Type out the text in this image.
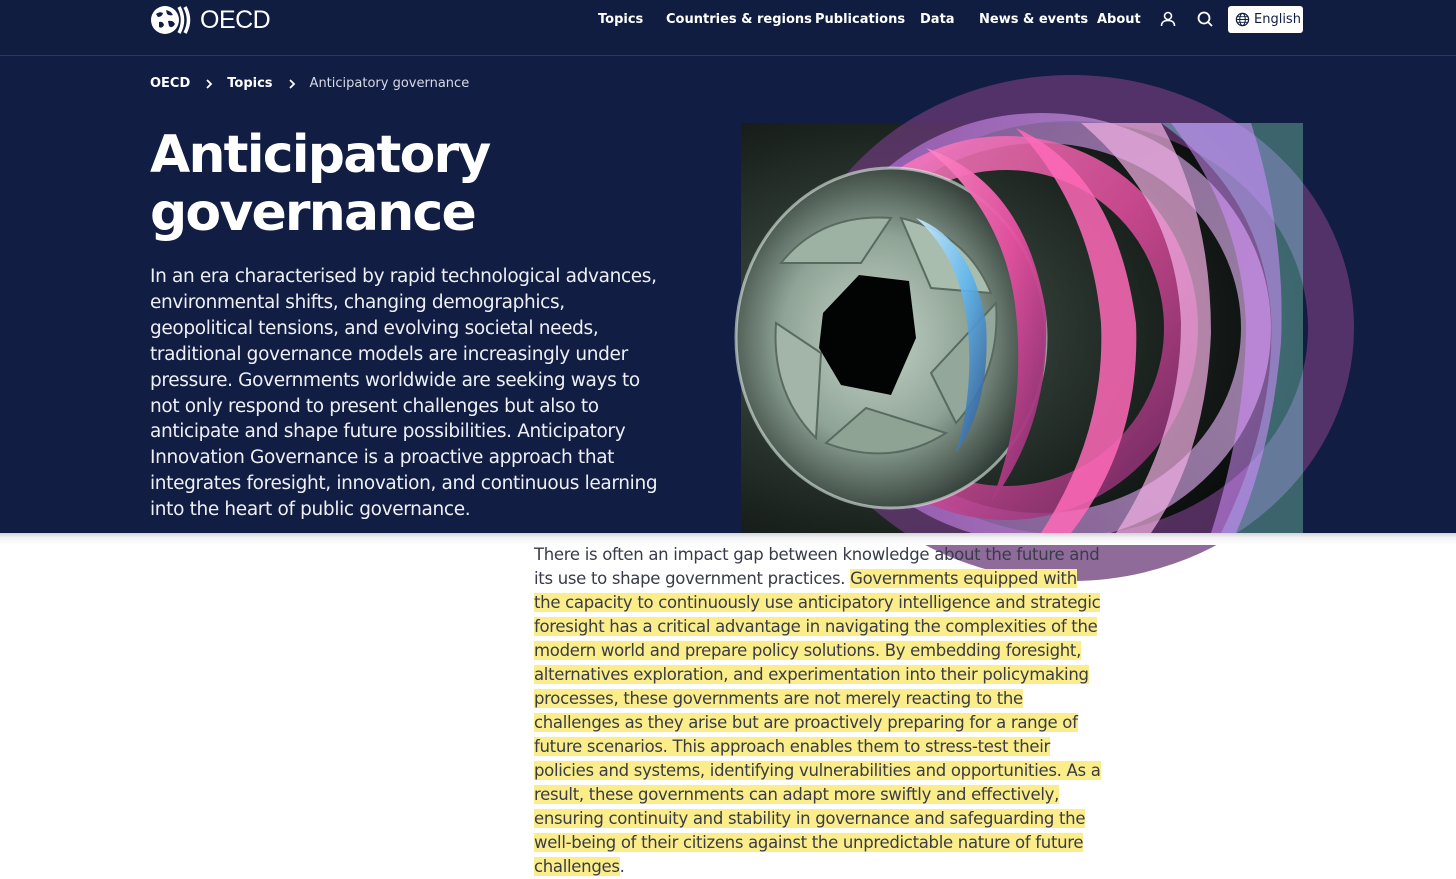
OECD	Topics Countries & regions Publications Data News & events About	English
OECD	Topics	Anticipatory governance
Anticipatory
governance

In an era characterised by rapid technological advances, environmental shifts, changing demographics, geopolitical tensions, and evolving societal needs, traditional governance models are increasingly under pressure. Governments worldwide are seeking ways to not only respond to present challenges but also to anticipate and shape future possibilities. Anticipatory Innovation Governance is a proactive approach that integrates foresight, innovation, and continuous learning into the heart of public governance.

There is often an impact gap between knowledge about the future and its use to shape government practices. Governments equipped with the capacity to continuously use anticipatory intelligence and strategic foresight has a critical advantage in navigating the complexities of the modern world and prepare policy solutions. By embedding foresight, alternatives exploration, and experimentation into their policymaking processes, these governments are not merely reacting to the challenges as they arise but are proactively preparing for a range of future scenarios. This approach enables them to stress-test their policies and systems, identifying vulnerabilities and opportunities. As a result, these governments can adapt more swiftly and effectively, ensuring continuity and stability in governance and safeguarding the well-being of their citizens against the unpredictable nature of future challenges.
